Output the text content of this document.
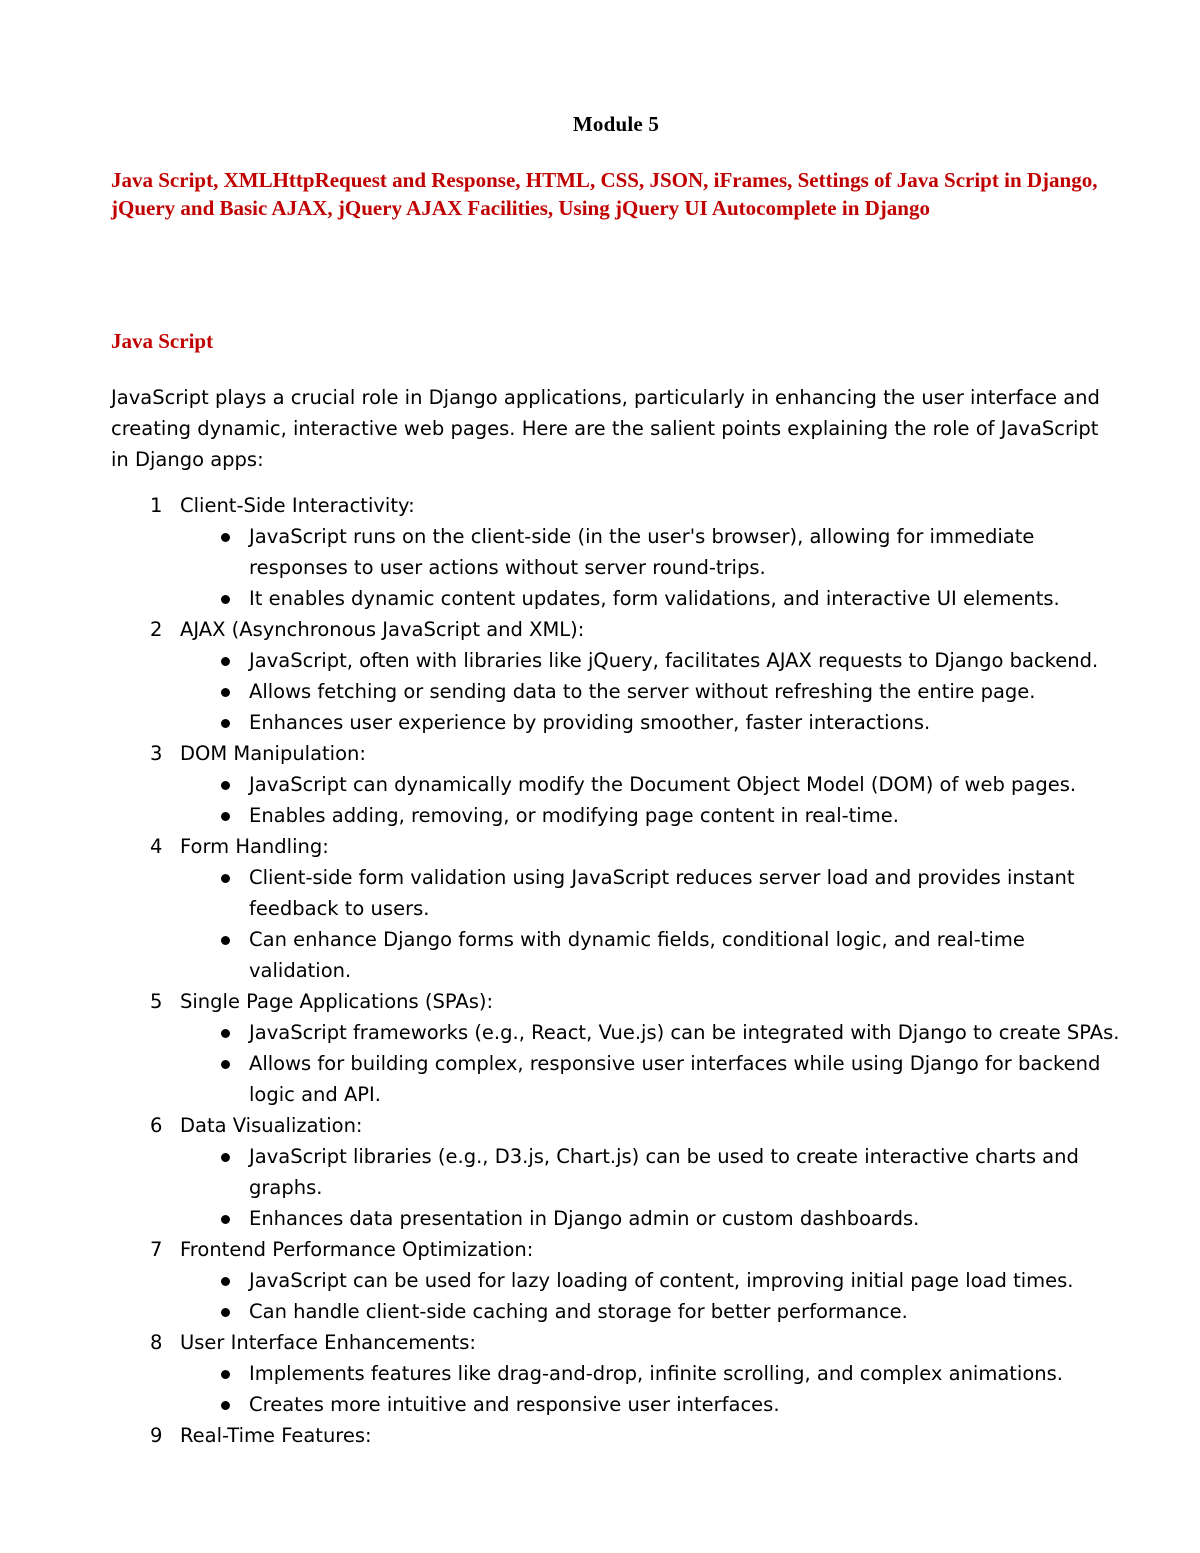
Module 5
Java Script, XMLHttpRequest and Response, HTML, CSS, JSON, iFrames, Settings of Java Script in Django, jQuery and Basic AJAX, jQuery AJAX Facilities, Using jQuery UI Autocomplete in Django
Java Script
JavaScript plays a crucial role in Django applications, particularly in enhancing the user interface and creating dynamic, interactive web pages. Here are the salient points explaining the role of JavaScript in Django apps:
1 Client-Side Interactivity:
JavaScript runs on the client-side (in the user's browser), allowing for immediate responses to user actions without server round-trips.
It enables dynamic content updates, form validations, and interactive UI elements.
2 AJAX (Asynchronous JavaScript and XML):
JavaScript, often with libraries like jQuery, facilitates AJAX requests to Django backend.
Allows fetching or sending data to the server without refreshing the entire page.
Enhances user experience by providing smoother, faster interactions.
3 DOM Manipulation:
JavaScript can dynamically modify the Document Object Model (DOM) of web pages.
Enables adding, removing, or modifying page content in real-time.
4 Form Handling:
Client-side form validation using JavaScript reduces server load and provides instant feedback to users.
Can enhance Django forms with dynamic fields, conditional logic, and real-time validation.
5 Single Page Applications (SPAs):
JavaScript frameworks (e.g., React, Vue.js) can be integrated with Django to create SPAs.
Allows for building complex, responsive user interfaces while using Django for backend logic and API.
6 Data Visualization:
JavaScript libraries (e.g., D3.js, Chart.js) can be used to create interactive charts and graphs.
Enhances data presentation in Django admin or custom dashboards.
7 Frontend Performance Optimization:
JavaScript can be used for lazy loading of content, improving initial page load times.
Can handle client-side caching and storage for better performance.
8 User Interface Enhancements:
Implements features like drag-and-drop, infinite scrolling, and complex animations.
Creates more intuitive and responsive user interfaces.
9 Real-Time Features:
